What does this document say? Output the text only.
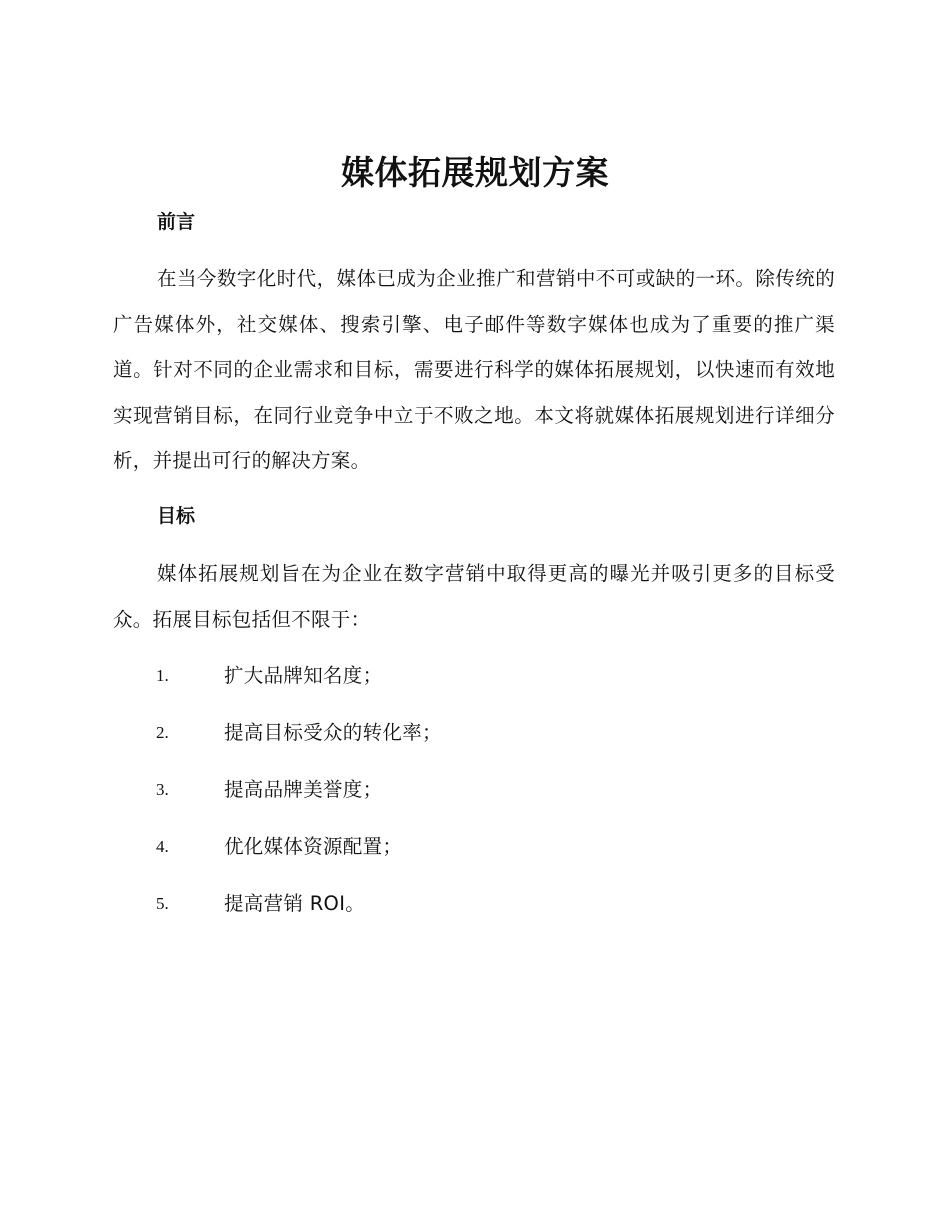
媒体拓展规划方案
前言

在当今数字化时代，媒体已成为企业推广和营销中不可或缺的一环。除传统的广告媒体外，社交媒体、搜索引擎、电子邮件等数字媒体也成为了重要的推广渠道。针对不同的企业需求和目标，需要进行科学的媒体拓展规划，以快速而有效地实现营销目标，在同行业竞争中立于不败之地。本文将就媒体拓展规划进行详细分析，并提出可行的解决方案。

目标

媒体拓展规划旨在为企业在数字营销中取得更高的曝光并吸引更多的目标受众。拓展目标包括但不限于：

1.	扩大品牌知名度；
2.	提高目标受众的转化率；
3.	提高品牌美誉度；
4.	优化媒体资源配置；
5.	提高营销 ROI。
